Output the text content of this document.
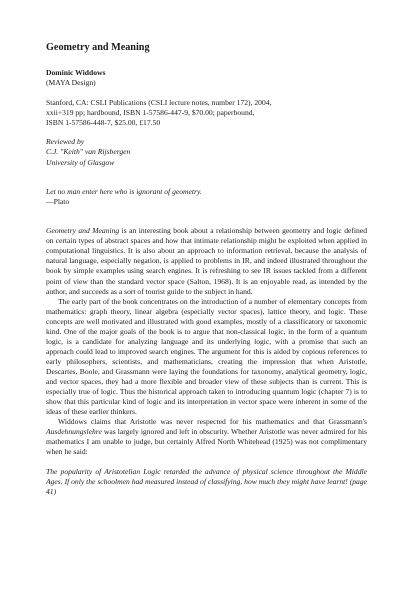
Geometry and Meaning
Dominic Widdows
(MAYA Design)
Stanford, CA: CSLI Publications (CSLI lecture notes, number 172), 2004,
xxii+319 pp; hardbound, ISBN 1-57586-447-9, $70.00; paperbound,
ISBN 1-57586-448-7, $25.00, £17.50
Reviewed by
C.J. "Keith" van Rijsbergen
University of Glasgow
Let no man enter here who is ignorant of geometry.
—Plato

Geometry and Meaning is an interesting book about a relationship between geometry and logic defined on certain types of abstract spaces and how that intimate relationship might be exploited when applied in computational linguistics. It is also about an approach to information retrieval, because the analysis of natural language, especially negation, is applied to problems in IR, and indeed illustrated throughout the book by simple examples using search engines. It is refreshing to see IR issues tackled from a different point of view than the standard vector space (Salton, 1968). It is an enjoyable read, as intended by the author, and succeeds as a sort of tourist guide to the subject in hand.

The early part of the book concentrates on the introduction of a number of elementary concepts from mathematics: graph theory, linear algebra (especially vector spaces), lattice theory, and logic. These concepts are well motivated and illustrated with good examples, mostly of a classificatory or taxonomic kind. One of the major goals of the book is to argue that non-classical logic, in the form of a quantum logic, is a candidate for analyzing language and its underlying logic, with a promise that such an approach could lead to improved search engines. The argument for this is aided by copious references to early philosophers, scientists, and mathematicians, creating the impression that when Aristotle, Descartes, Boole, and Grassmann were laying the foundations for taxonomy, analytical geometry, logic, and vector spaces, they had a more flexible and broader view of these subjects than is current. This is especially true of logic. Thus the historical approach taken to introducing quantum logic (chapter 7) is to show that this particular kind of logic and its interpretation in vector space were inherent in some of the ideas of these earlier thinkers.

Widdows claims that Aristotle was never respected for his mathematics and that Grassmann's Ausdehnungslehre was largely ignored and left in obscurity. Whether Aristotle was never admired for his mathematics I am unable to judge, but certainly Alfred North Whitehead (1925) was not complimentary when he said:

The popularity of Aristotelian Logic retarded the advance of physical science throughout the Middle Ages. If only the schoolmen had measured instead of classifying, how much they might have learnt! (page 41)
